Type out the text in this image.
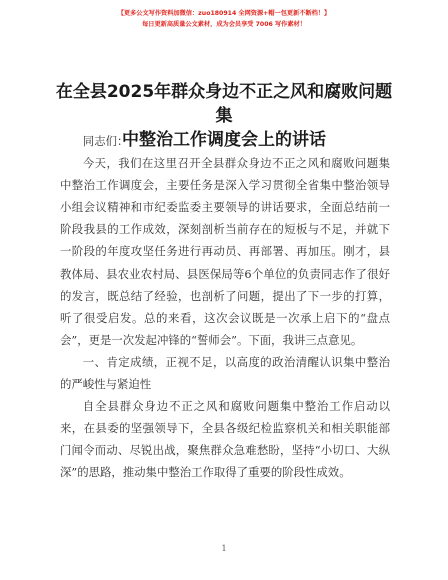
【更多公文写作资料加微信：zuo180914 全网资源+帽一包更新不断档！】
每日更新高质量公文素材，成为会员享受 7006 写作素材！
在全县2025年群众身边不正之风和腐败问题集
中整治工作调度会上的讲话

同志们：

今天，我们在这里召开全县群众身边不正之风和腐败问题集中整治工作调度会，主要任务是深入学习贯彻全省集中整治领导小组会议精神和市纪委监委主要领导的讲话要求，全面总结前一阶段我县的工作成效，深刻剖析当前存在的短板与不足，并就下一阶段的年度攻坚任务进行再动员、再部署、再加压。刚才，县教体局、县农业农村局、县医保局等6个单位的负责同志作了很好的发言，既总结了经验，也剖析了问题，提出了下一步的打算，听了很受启发。总的来看，这次会议既是一次承上启下的“盘点会”，更是一次发起冲锋的“誓师会”。下面，我讲三点意见。

一、肯定成绩，正视不足，以高度的政治清醒认识集中整治的严峻性与紧迫性

自全县群众身边不正之风和腐败问题集中整治工作启动以来，在县委的坚强领导下，全县各级纪检监察机关和相关职能部门闻令而动、尽锐出战，聚焦群众急难愁盼，坚持“小切口、大纵深”的思路，推动集中整治工作取得了重要的阶段性成效。

1
